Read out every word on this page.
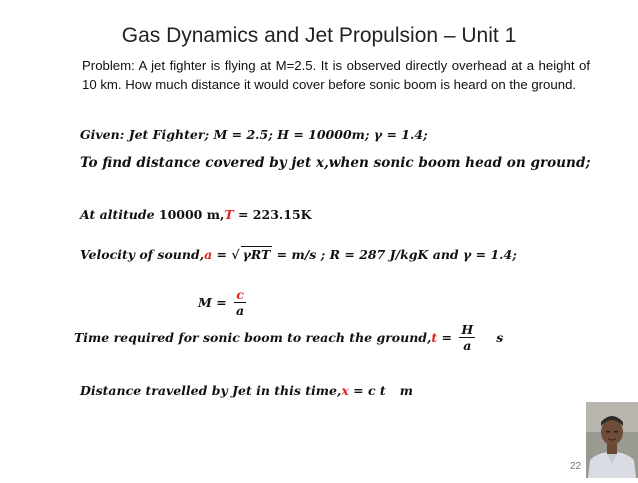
Gas Dynamics and Jet Propulsion – Unit 1
Problem: A jet fighter is flying at M=2.5. It is observed directly overhead at a height of 10 km. How much distance it would cover before sonic boom is heard on the ground.
Given: Jet Fighter; M = 2.5; H = 10000m; γ = 1.4;
To find distance covered by jet x,when sonic boom head on ground;
At altitude 10000 m,T = 223.15K
Velocity of sound,a = √ γRT = m/s ; R = 287 J/kgK and γ = 1.4;
$M = \frac{c}{a}$
Time required for sonic boom to reach the ground,t = $\frac{H}{a}$ s
Distance travelled by Jet in this time,x = c t m
22
